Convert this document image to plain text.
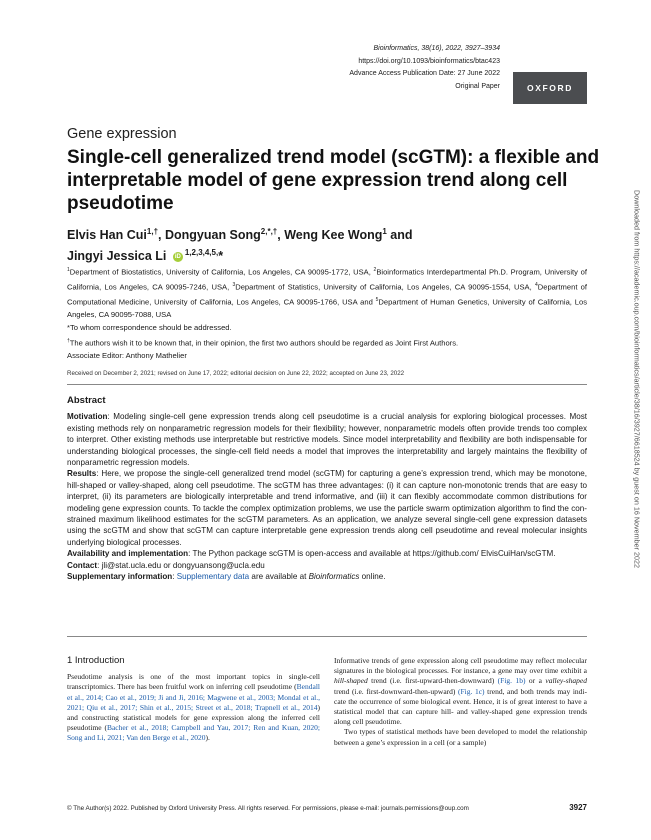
Bioinformatics, 38(16), 2022, 3927–3934
https://doi.org/10.1093/bioinformatics/btac423
Advance Access Publication Date: 27 June 2022
Original Paper	OXFORD
Gene expression
Single-cell generalized trend model (scGTM): a flexible and interpretable model of gene expression trend along cell pseudotime
Elvis Han Cui$^{1,\dagger}$, Dongyuan Song$^{2,*,\dagger}$, Weng Kee Wong$^1$ and
Jingyi Jessica Li iD $^{1,2,3,4,5,}$*
$^1$Department of Biostatistics, University of California, Los Angeles, CA 90095-1772, USA, $^2$Bioinformatics Interdepartmental Ph.D. Program, University of California, Los Angeles, CA 90095-7246, USA, $^3$Department of Statistics, University of California, Los Angeles, CA 90095-1554, USA, $^4$Department of Computational Medicine, University of California, Los Angeles, CA 90095-1766, USA and $^5$Department of Human Genetics, University of California, Los Angeles, CA 90095-7088, USA
*To whom correspondence should be addressed.
†The authors wish it to be known that, in their opinion, the first two authors should be regarded as Joint First Authors.
Associate Editor: Anthony Mathelier
Received on December 2, 2021; revised on June 17, 2022; editorial decision on June 22, 2022; accepted on June 23, 2022
Abstract

Motivation: Modeling single-cell gene expression trends along cell pseudotime is a crucial analysis for exploring biological processes. Most existing methods rely on nonparametric regression models for their flexibility; however, nonparametric models often provide trends too complex to interpret. Other existing methods use interpretable but restrictive models. Since model interpretability and flexibility are both indispensable for understanding biological processes, the single-cell field needs a model that improves the interpretability and largely maintains the flexibility of nonparametric regression models.

Results: Here, we propose the single-cell generalized trend model (scGTM) for capturing a gene’s expression trend, which may be monotone, hill-shaped or valley-shaped, along cell pseudotime. The scGTM has three advantages: (i) it can capture non-monotonic trends that are easy to interpret, (ii) its parameters are biologically interpretable and trend informative, and (iii) it can flexibly accommodate common distributions for modeling gene expression counts. To tackle the complex optimization problems, we use the particle swarm optimization algorithm to find the constrained maximum likelihood estimates for the scGTM parameters. As an application, we analyze several single-cell gene expression datasets using the scGTM and show that scGTM can capture interpretable gene expression trends along cell pseudotime and reveal molecular insights underlying biological processes.

Availability and implementation: The Python package scGTM is open-access and available at https://github.com/ ElvisCuiHan/scGTM.

Contact: jli@stat.ucla.edu or dongyuansong@ucla.edu

Supplementary information: Supplementary data are available at Bioinformatics online.

1 Introduction
Pseudotime analysis is one of the most important topics in single-cell transcriptomics. There has been fruitful work on inferring cell pseudotime (Bendall et al., 2014; Cao et al., 2019; Ji and Ji, 2016; Magwene et al., 2003; Mondal et al., 2021; Qiu et al., 2017; Shin et al., 2015; Street et al., 2018; Trapnell et al., 2014) and constructing statistical models for gene expression along the inferred cell pseudotime (Bacher et al., 2018; Campbell and Yau, 2017; Ren and Kuan, 2020; Song and Li, 2021; Van den Berge et al., 2020).
Informative trends of gene expression along cell pseudotime may reflect molecular signatures in the biological processes. For instance, a gene may over time exhibit a hill-shaped trend (i.e. first-upward-then-downward) (Fig. 1b) or a valley-shaped trend (i.e. first-downward-then-upward) (Fig. 1c) trend, and both trends may indicate the occurrence of some biological event. Hence, it is of great interest to have a statistical model that can capture hill- and valley-shaped gene expression trends along cell pseudotime.
Two types of statistical methods have been developed to model the relationship between a gene’s expression in a cell (or a sample)
© The Author(s) 2022. Published by Oxford University Press. All rights reserved. For permissions, please e-mail: journals.permissions@oup.com	3927
Downloaded from https://academic.oup.com/bioinformatics/article/38/16/3927/6618524 by guest on 16 November 2022
